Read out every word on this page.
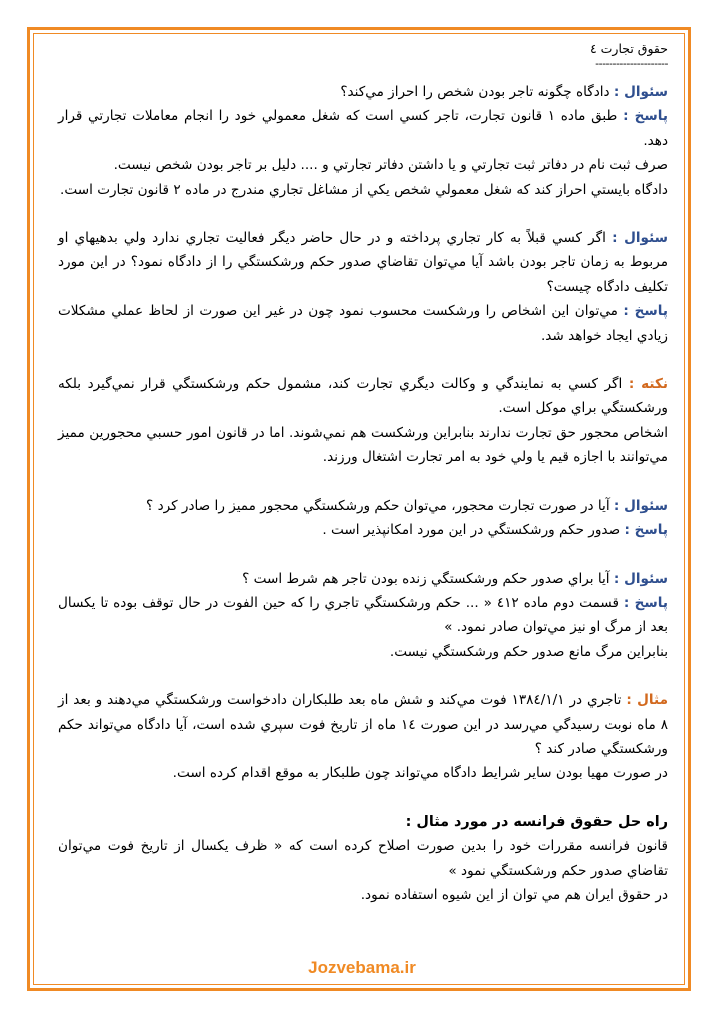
حقوق تجارت ٤
---------------------

سئوال : دادگاه چگونه تاجر بودن شخص را احراز مي‌كند؟

پاسخ : طبق ماده ١ قانون تجارت، تاجر كسي است كه شغل معمولي خود را انجام معاملات تجارتي قرار دهد.

صرف ثبت نام در دفاتر ثبت تجارتي و يا داشتن دفاتر تجارتي و .... دليل بر تاجر بودن شخص نيست.

دادگاه بايستي احراز كند كه شغل معمولي شخص يكي از مشاغل تجاري مندرج در ماده ٢ قانون تجارت است.

سئوال : اگر كسي قبلاً به كار تجاري پرداخته و در حال حاضر ديگر فعاليت تجاري ندارد ولي بدهيهاي او مربوط به زمان تاجر بودن باشد آيا مي‌توان تقاضاي صدور حكم ورشكستگي را از دادگاه نمود؟ در اين مورد تكليف دادگاه چيست؟

پاسخ : مي‌توان اين اشخاص را ورشكست محسوب نمود چون در غير اين صورت از لحاظ عملي مشكلات زيادي ايجاد خواهد شد.

نكته : اگر كسي به نمايندگي و وكالت ديگري تجارت كند، مشمول حكم ورشكستگي قرار نمي‌گيرد بلكه ورشكستگي براي موكل است.

اشخاص محجور حق تجارت ندارند بنابراين ورشكست هم نمي‌شوند. اما در قانون امور حسبي محجورين مميز مي‌توانند با اجازه قيم يا ولي خود به امر تجارت اشتغال ورزند.

سئوال : آيا در صورت تجارت محجور، مي‌توان حكم ورشكستگي محجور مميز را صادر كرد ؟

پاسخ : صدور حكم ورشكستگي در اين مورد امكانپذير است .

سئوال : آيا براي صدور حكم ورشكستگي زنده بودن تاجر هم شرط است ؟

پاسخ : قسمت دوم ماده ٤١٢ « ... حكم ورشكستگي تاجري را كه حين الفوت در حال توقف بوده تا يكسال بعد از مرگ او نيز مي‌توان صادر نمود. »

بنابراين مرگ مانع صدور حكم ورشكستگي نيست.

مثال : تاجري در ١٣٨٤/١/١ فوت مي‌كند و شش ماه بعد طلبكاران دادخواست ورشكستگي مي‌دهند و بعد از ٨ ماه نوبت رسيدگي مي‌رسد در اين صورت ١٤ ماه از تاريخ فوت سپري شده است، آيا دادگاه مي‌تواند حكم ورشكستگي صادر كند ؟

در صورت مهيا بودن ساير شرايط دادگاه مي‌تواند چون طلبكار به موقع اقدام كرده است.

راه حل حقوق فرانسه در مورد مثال :

قانون فرانسه مقررات خود را بدين صورت اصلاح كرده است كه « ظرف يكسال از تاريخ فوت مي‌توان تقاضاي صدور حكم ورشكستگي نمود »

در حقوق ايران هم مي توان از اين شيوه استفاده نمود.

Jozvebama.ir
